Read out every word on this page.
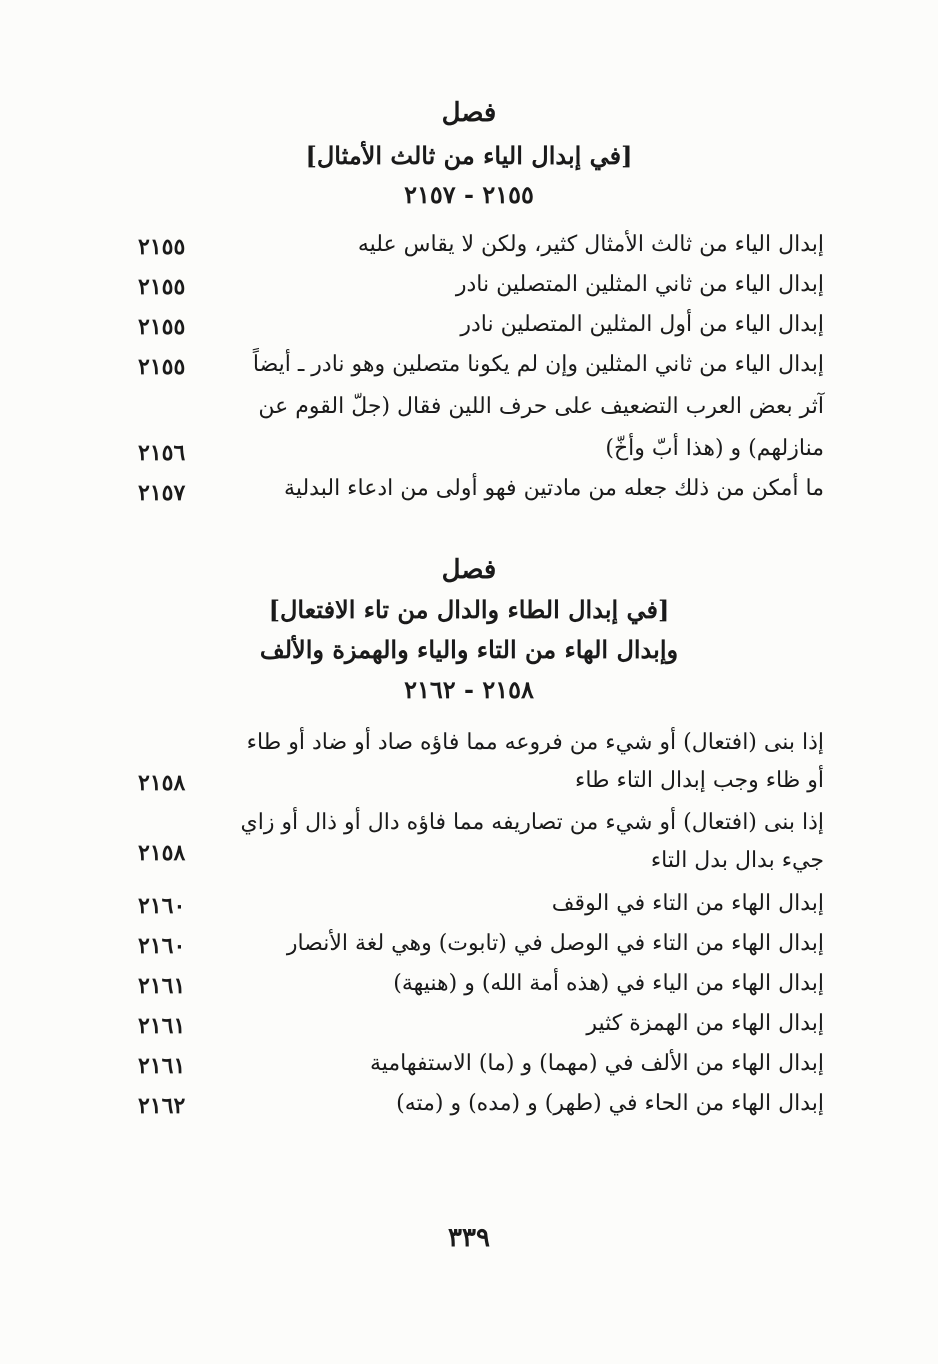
فصل
[في إبدال الياء من ثالث الأمثال]
٢١٥٥ - ٢١٥٧
إبدال الياء من ثالث الأمثال كثير، ولكن لا يقاس عليه
٢١٥٥
إبدال الياء من ثاني المثلين المتصلين نادر
٢١٥٥
إبدال الياء من أول المثلين المتصلين نادر
٢١٥٥
إبدال الياء من ثاني المثلين وإن لم يكونا متصلين وهو نادر ـ أيضاً
٢١٥٥
آثر بعض العرب التضعيف على حرف اللين فقال (جلّ القوم عن
منازلهم) و (هذا أبّ وأخّ)
٢١٥٦
ما أمكن من ذلك جعله من مادتين فهو أولى من ادعاء البدلية
٢١٥٧
فصل
[في إبدال الطاء والدال من تاء الافتعال]
وإبدال الهاء من التاء والياء والهمزة والألف
٢١٥٨ - ٢١٦٢
إذا بنى (افتعال) أو شيء من فروعه مما فاؤه صاد أو ضاد أو طاء
أو ظاء وجب إبدال التاء طاء
٢١٥٨
إذا بنى (افتعال) أو شيء من تصاريفه مما فاؤه دال أو ذال أو زاي
جيء بدال بدل التاء
٢١٥٨
إبدال الهاء من التاء في الوقف
٢١٦٠
إبدال الهاء من التاء في الوصل في (تابوت) وهي لغة الأنصار
٢١٦٠
إبدال الهاء من الياء في (هذه أمة الله) و (هنيهة)
٢١٦١
إبدال الهاء من الهمزة كثير
٢١٦١
إبدال الهاء من الألف في (مهما) و (ما) الاستفهامية
٢١٦١
إبدال الهاء من الحاء في (طهر) و (مده) و (مته)
٢١٦٢
٣٣٩
